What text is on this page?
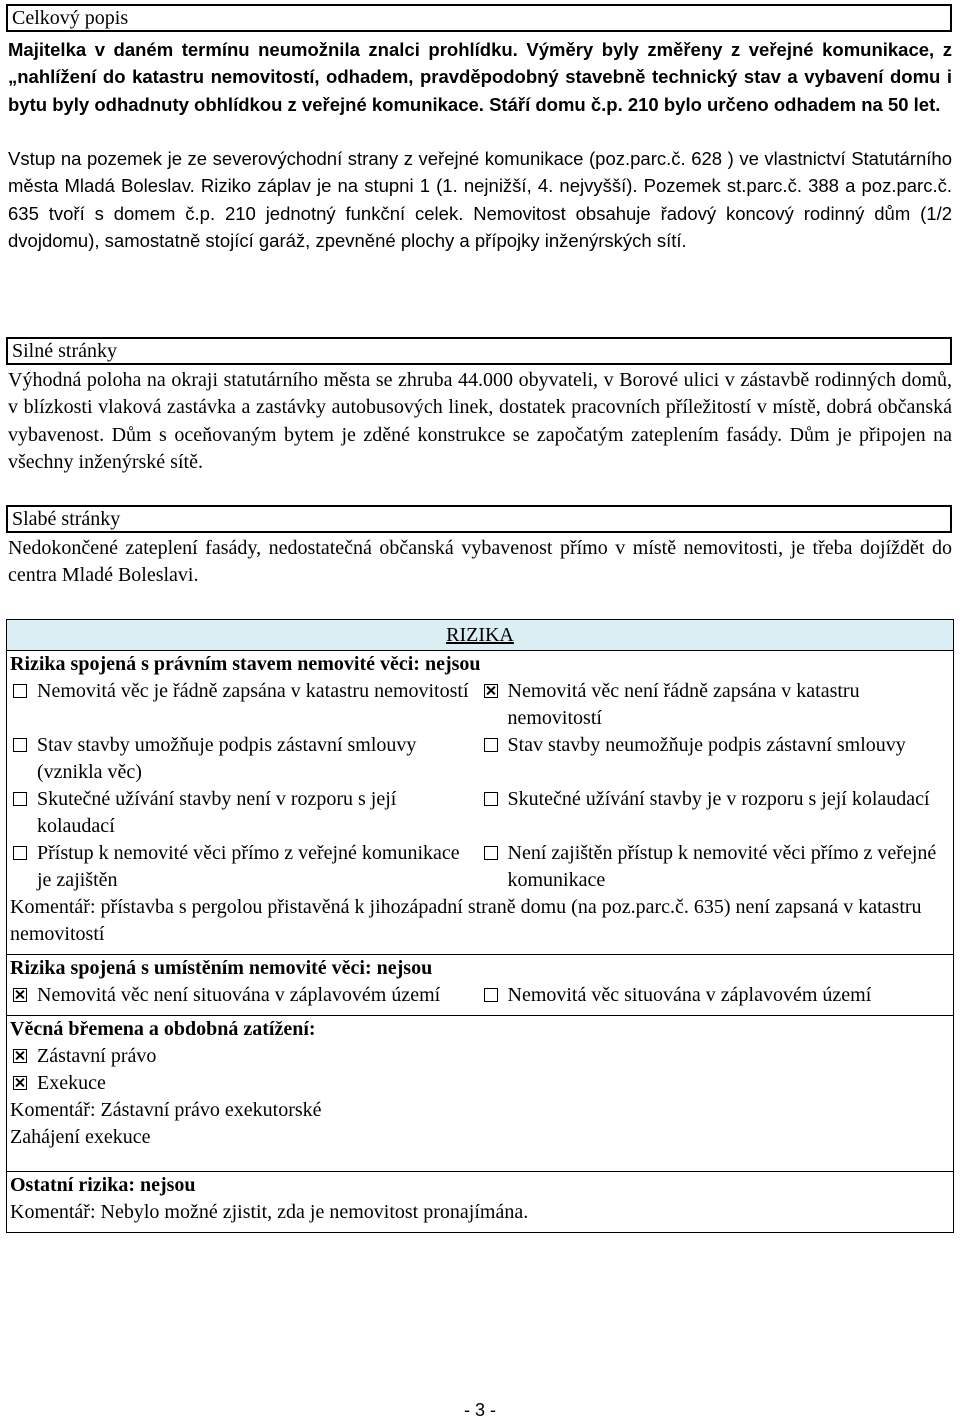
Celkový popis

Majitelka v daném termínu neumožnila znalci prohlídku. Výměry byly změřeny z veřejné komunikace, z „nahlížení do katastru nemovitostí, odhadem, pravděpodobný stavebně technický stav a vybavení domu i bytu byly odhadnuty obhlídkou z veřejné komunikace. Stáří domu č.p. 210 bylo určeno odhadem na 50 let.

Vstup na pozemek je ze severovýchodní strany z veřejné komunikace (poz.parc.č. 628 ) ve vlastnictví Statutárního města Mladá Boleslav. Riziko záplav je na stupni 1 (1. nejnižší, 4. nejvyšší). Pozemek st.parc.č. 388 a poz.parc.č. 635 tvoří s domem č.p. 210 jednotný funkční celek. Nemovitost obsahuje řadový koncový rodinný dům (1/2 dvojdomu), samostatně stojící garáž, zpevněné plochy a přípojky inženýrských sítí.

Silné stránky

Výhodná poloha na okraji statutárního města se zhruba 44.000 obyvateli, v Borové ulici v zástavbě rodinných domů, v blízkosti vlaková zastávka a zastávky autobusových linek, dostatek pracovních příležitostí v místě, dobrá občanská vybavenost. Dům s oceňovaným bytem je zděné konstrukce se započatým zateplením fasády. Dům je připojen na všechny inženýrské sítě.

Slabé stránky

Nedokončené zateplení fasády, nedostatečná občanská vybavenost přímo v místě nemovitosti, je třeba dojíždět do centra Mladé Boleslavi.

RIZIKA
Rizika spojená s právním stavem nemovité věci: nejsou
Nemovitá věc je řádně zapsána v katastru nemovitostí Nemovitá věc není řádně zapsána v katastru nemovitostí
Stav stavby umožňuje podpis zástavní smlouvy (vznikla věc)
Stav stavby neumožňuje podpis zástavní smlouvy
Skutečné užívání stavby není v rozporu s její kolaudací
Skutečné užívání stavby je v rozporu s její kolaudací
Přístup k nemovité věci přímo z veřejné komunikace je zajištěn
Není zajištěn přístup k nemovité věci přímo z veřejné komunikace
Komentář: přístavba s pergolou přistavěná k jihozápadní straně domu (na poz.parc.č. 635) není zapsaná v katastru nemovitostí
Rizika spojená s umístěním nemovité věci: nejsou
Nemovitá věc není situována v záplavovém území	Nemovitá věc situována v záplavovém území
Věcná břemena a obdobná zatížení:
Zástavní právo
Exekuce
Komentář: Zástavní právo exekutorské
Zahájení exekuce
Ostatní rizika: nejsou
Komentář: Nebylo možné zjistit, zda je nemovitost pronajímána.
- 3 -
